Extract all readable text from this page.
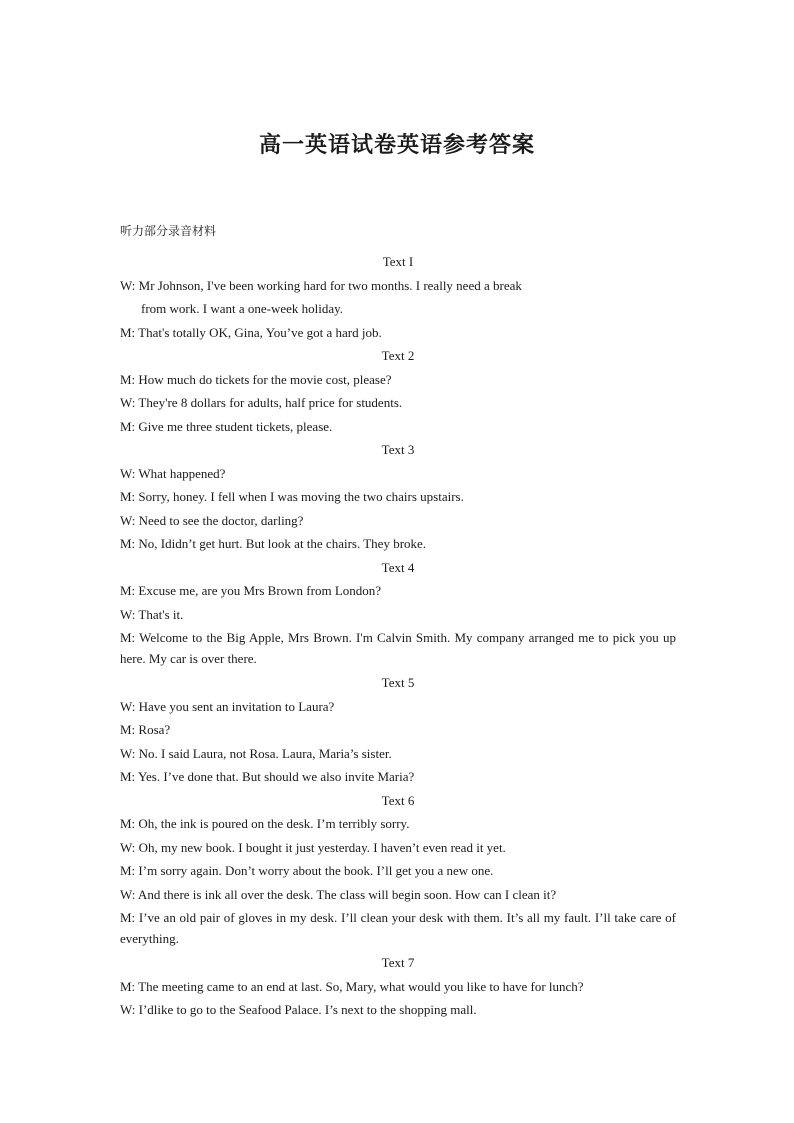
高一英语试卷英语参考答案
听力部分录音材料
Text I
W: Mr Johnson, I've been working hard for two months. I really need a break
from work. I want a one-week holiday.
M: That's totally OK, Gina, You’ve got a hard job.
Text 2
M: How much do tickets for the movie cost, please?
W: They're 8 dollars for adults, half price for students.
M: Give me three student tickets, please.
Text 3
W: What happened?
M: Sorry, honey. I fell when I was moving the two chairs upstairs.
W: Need to see the doctor, darling?
M: No, Ididn’t get hurt. But look at the chairs. They broke.
Text 4
M: Excuse me, are you Mrs Brown from London?
W: That's it.
M: Welcome to the Big Apple, Mrs Brown. I'm Calvin Smith. My company arranged me to pick you up here. My car is over there.
Text 5
W: Have you sent an invitation to Laura?
M: Rosa?
W: No. I said Laura, not Rosa. Laura, Maria’s sister.
M: Yes. I’ve done that. But should we also invite Maria?
Text 6
M: Oh, the ink is poured on the desk. I’m terribly sorry.
W: Oh, my new book. I bought it just yesterday. I haven’t even read it yet.
M: I’m sorry again. Don’t worry about the book. I’ll get you a new one.
W: And there is ink all over the desk. The class will begin soon. How can I clean it?
M: I’ve an old pair of gloves in my desk. I’ll clean your desk with them. It’s all my fault. I’ll take care of everything.
Text 7
M: The meeting came to an end at last. So, Mary, what would you like to have for lunch?
W: I’dlike to go to the Seafood Palace. I’s next to the shopping mall.
